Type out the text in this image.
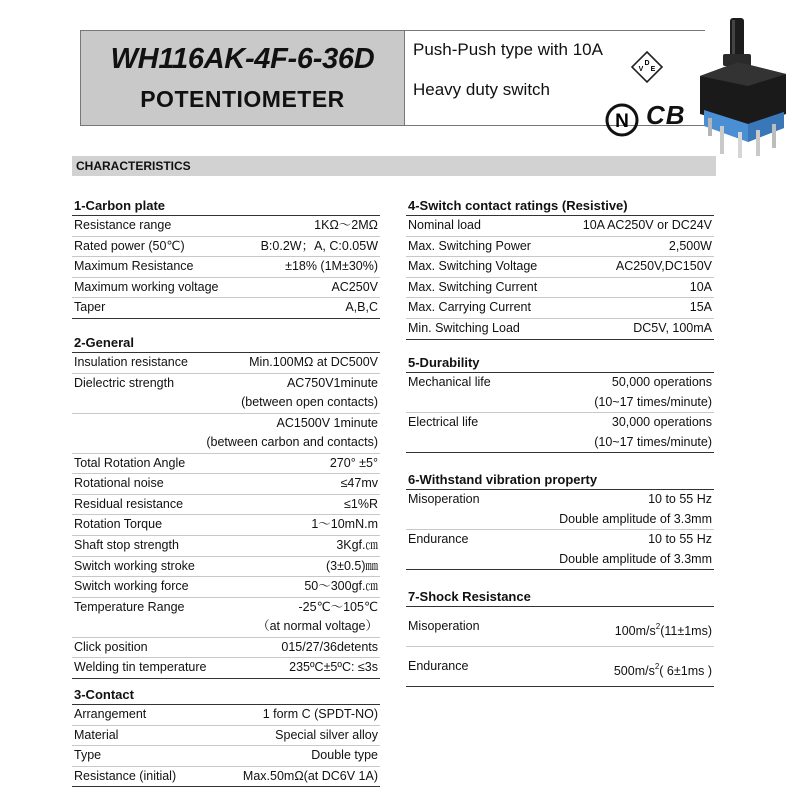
WH116AK-4F-6-36D
POTENTIOMETER
Push-Push type with 10A
Heavy duty switch
D
V E
N CB
CHARACTERISTICS
1-Carbon plate
Resistance range	1KΩ～2MΩ
Rated power (50℃)	B:0.2W；A, C:0.05W
Maximum Resistance	±18% (1M±30%)
Maximum working voltage	AC250V
Taper	A,B,C
2-General
Insulation resistance	Min.100MΩ at DC500V
Dielectric strength	AC750V1minute
(between open contacts)
AC1500V 1minute
(between carbon and contacts)
Total Rotation Angle	270° ±5°
Rotational noise	≤47mv
Residual resistance	≤1%R
Rotation Torque	1～10mN.m
Shaft stop strength	3Kgf.㎝
Switch working stroke	(3±0.5)㎜
Switch working force	50～300gf.㎝
Temperature Range	-25℃～105℃
（at normal voltage）
Click position	015/27/36detents
Welding tin temperature	235ºC±5ºC: ≤3s
3-Contact
Arrangement	1 form C (SPDT-NO)
Material	Special silver alloy
Type	Double type
Resistance (initial)	Max.50mΩ(at DC6V 1A)
4-Switch contact ratings (Resistive)
Nominal load	10A AC250V or DC24V
Max. Switching Power	2,500W
Max. Switching Voltage	AC250V,DC150V
Max. Switching Current	10A
Max. Carrying Current	15A
Min. Switching Load	DC5V, 100mA
5-Durability
Mechanical life	50,000 operations
(10~17 times/minute)
Electrical life	30,000 operations
(10~17 times/minute)
6-Withstand vibration property
Misoperation	10 to 55 Hz
Double amplitude of 3.3mm
Endurance	10 to 55 Hz
Double amplitude of 3.3mm
7-Shock Resistance
Misoperation	$100m/s^2(11\pm 1ms)$
Endurance	$500m/s^2$( 6±1ms )
